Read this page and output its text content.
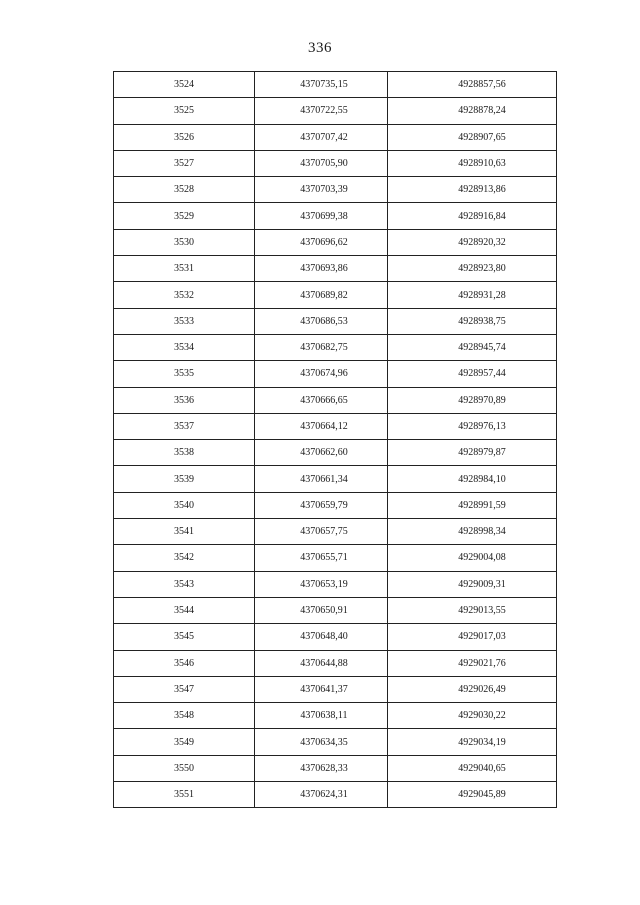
336
3524	4370735,15	4928857,56
3525	4370722,55	4928878,24
3526	4370707,42	4928907,65
3527	4370705,90	4928910,63
3528	4370703,39	4928913,86
3529	4370699,38	4928916,84
3530	4370696,62	4928920,32
3531	4370693,86	4928923,80
3532	4370689,82	4928931,28
3533	4370686,53	4928938,75
3534	4370682,75	4928945,74
3535	4370674,96	4928957,44
3536	4370666,65	4928970,89
3537	4370664,12	4928976,13
3538	4370662,60	4928979,87
3539	4370661,34	4928984,10
3540	4370659,79	4928991,59
3541	4370657,75	4928998,34
3542	4370655,71	4929004,08
3543	4370653,19	4929009,31
3544	4370650,91	4929013,55
3545	4370648,40	4929017,03
3546	4370644,88	4929021,76
3547	4370641,37	4929026,49
3548	4370638,11	4929030,22
3549	4370634,35	4929034,19
3550	4370628,33	4929040,65
3551	4370624,31	4929045,89
